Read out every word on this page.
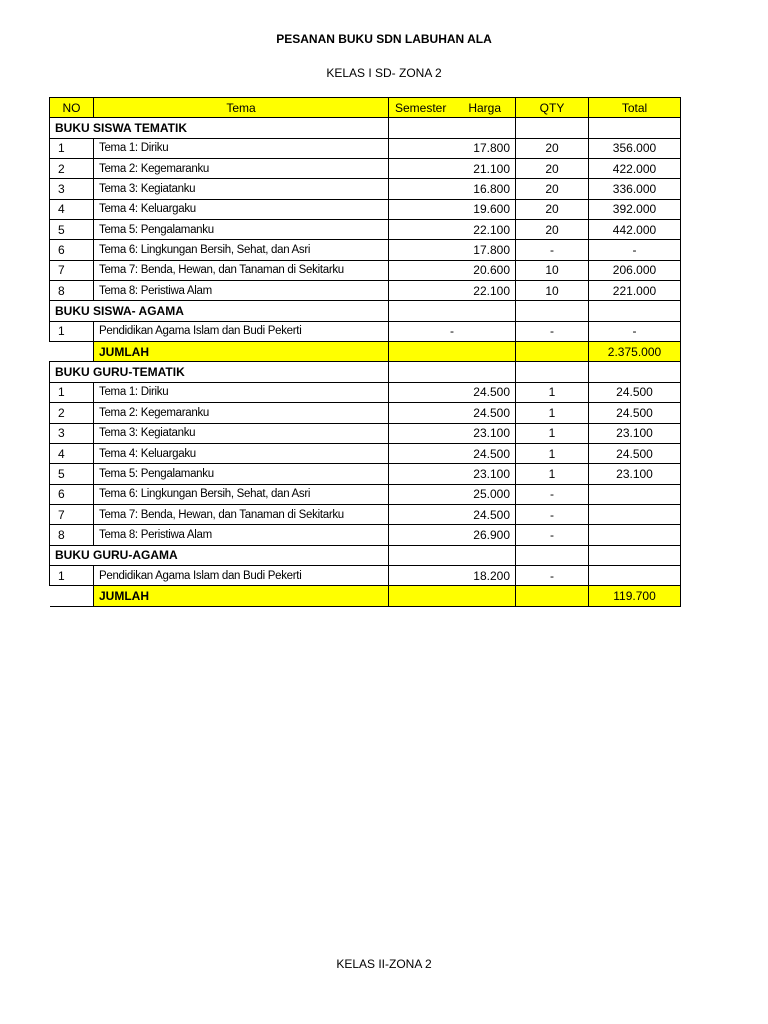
PESANAN BUKU SDN LABUHAN ALA
KELAS I SD- ZONA 2
NO	Tema	Semester Harga	QTY	Total
BUKU SISWA TEMATIK				
1	Tema 1: Diriku	17.800	20	356.000
2	Tema 2: Kegemaranku	21.100	20	422.000
3	Tema 3: Kegiatanku	16.800	20	336.000
4	Tema 4: Keluargaku	19.600	20	392.000
5	Tema 5: Pengalamanku	22.100	20	442.000
6	Tema 6: Lingkungan Bersih, Sehat, dan Asri	17.800	-	-
7	Tema 7: Benda, Hewan, dan Tanaman di Sekitarku	20.600	10	206.000
8	Tema 8: Peristiwa Alam	22.100	10	221.000
BUKU SISWA- AGAMA				
1	Pendidikan Agama Islam dan Budi Pekerti	-	-	-
	JUMLAH			2.375.000
BUKU GURU-TEMATIK				
1	Tema 1: Diriku	24.500	1	24.500
2	Tema 2: Kegemaranku	24.500	1	24.500
3	Tema 3: Kegiatanku	23.100	1	23.100
4	Tema 4: Keluargaku	24.500	1	24.500
5	Tema 5: Pengalamanku	23.100	1	23.100
6	Tema 6: Lingkungan Bersih, Sehat, dan Asri	25.000	-	
7	Tema 7: Benda, Hewan, dan Tanaman di Sekitarku	24.500	-	
8	Tema 8: Peristiwa Alam	26.900	-	
BUKU GURU-AGAMA				
1	Pendidikan Agama Islam dan Budi Pekerti	18.200	-	
	JUMLAH			119.700
KELAS II-ZONA 2
